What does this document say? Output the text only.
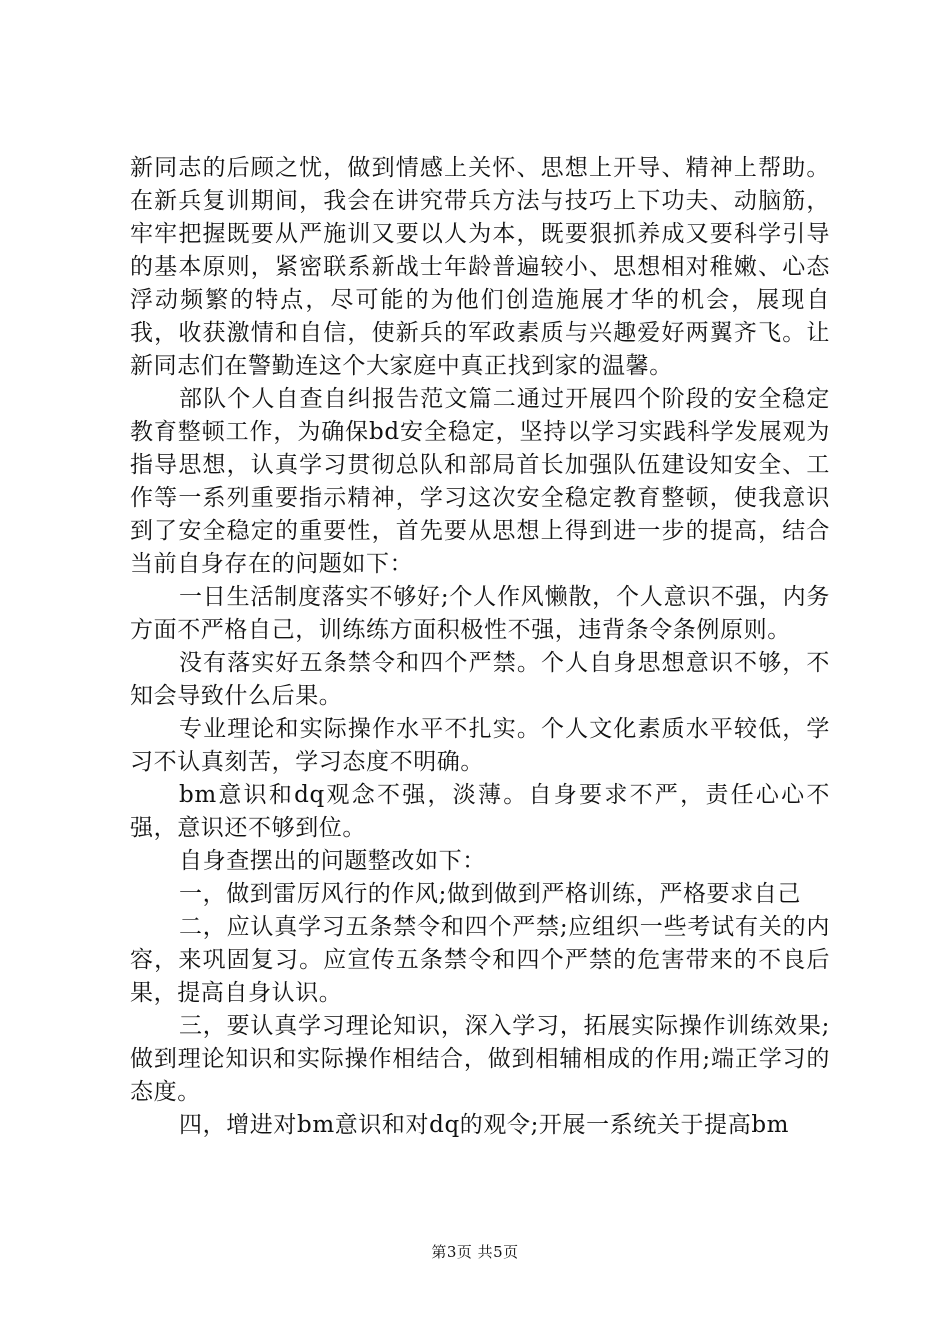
新同志的后顾之忧，做到情感上关怀、思想上开导、精神上帮助。在新兵复训期间，我会在讲究带兵方法与技巧上下功夫、动脑筋，牢牢把握既要从严施训又要以人为本，既要狠抓养成又要科学引导的基本原则，紧密联系新战士年龄普遍较小、思想相对稚嫩、心态浮动频繁的特点，尽可能的为他们创造施展才华的机会，展现自我，收获激情和自信，使新兵的军政素质与兴趣爱好两翼齐飞。让新同志们在警勤连这个大家庭中真正找到家的温馨。

部队个人自查自纠报告范文篇二通过开展四个阶段的安全稳定教育整顿工作，为确保bd安全稳定，坚持以学习实践科学发展观为指导思想，认真学习贯彻总队和部局首长加强队伍建设知安全、工作等一系列重要指示精神，学习这次安全稳定教育整顿，使我意识到了安全稳定的重要性，首先要从思想上得到进一步的提高，结合当前自身存在的问题如下：

一日生活制度落实不够好;个人作风懒散，个人意识不强，内务方面不严格自己，训练练方面积极性不强，违背条令条例原则。

没有落实好五条禁令和四个严禁。个人自身思想意识不够，不知会导致什么后果。

专业理论和实际操作水平不扎实。个人文化素质水平较低，学习不认真刻苦，学习态度不明确。

bm意识和dq观念不强，淡薄。自身要求不严，责任心心不强，意识还不够到位。

自身查摆出的问题整改如下：

一，做到雷厉风行的作风;做到做到严格训练，严格要求自己

二，应认真学习五条禁令和四个严禁;应组织一些考试有关的内容，来巩固复习。应宣传五条禁令和四个严禁的危害带来的不良后果，提高自身认识。

三，要认真学习理论知识，深入学习，拓展实际操作训练效果;做到理论知识和实际操作相结合，做到相辅相成的作用;端正学习的态度。

四，增进对bm意识和对dq的观令;开展一系统关于提高bm

第3页 共5页
